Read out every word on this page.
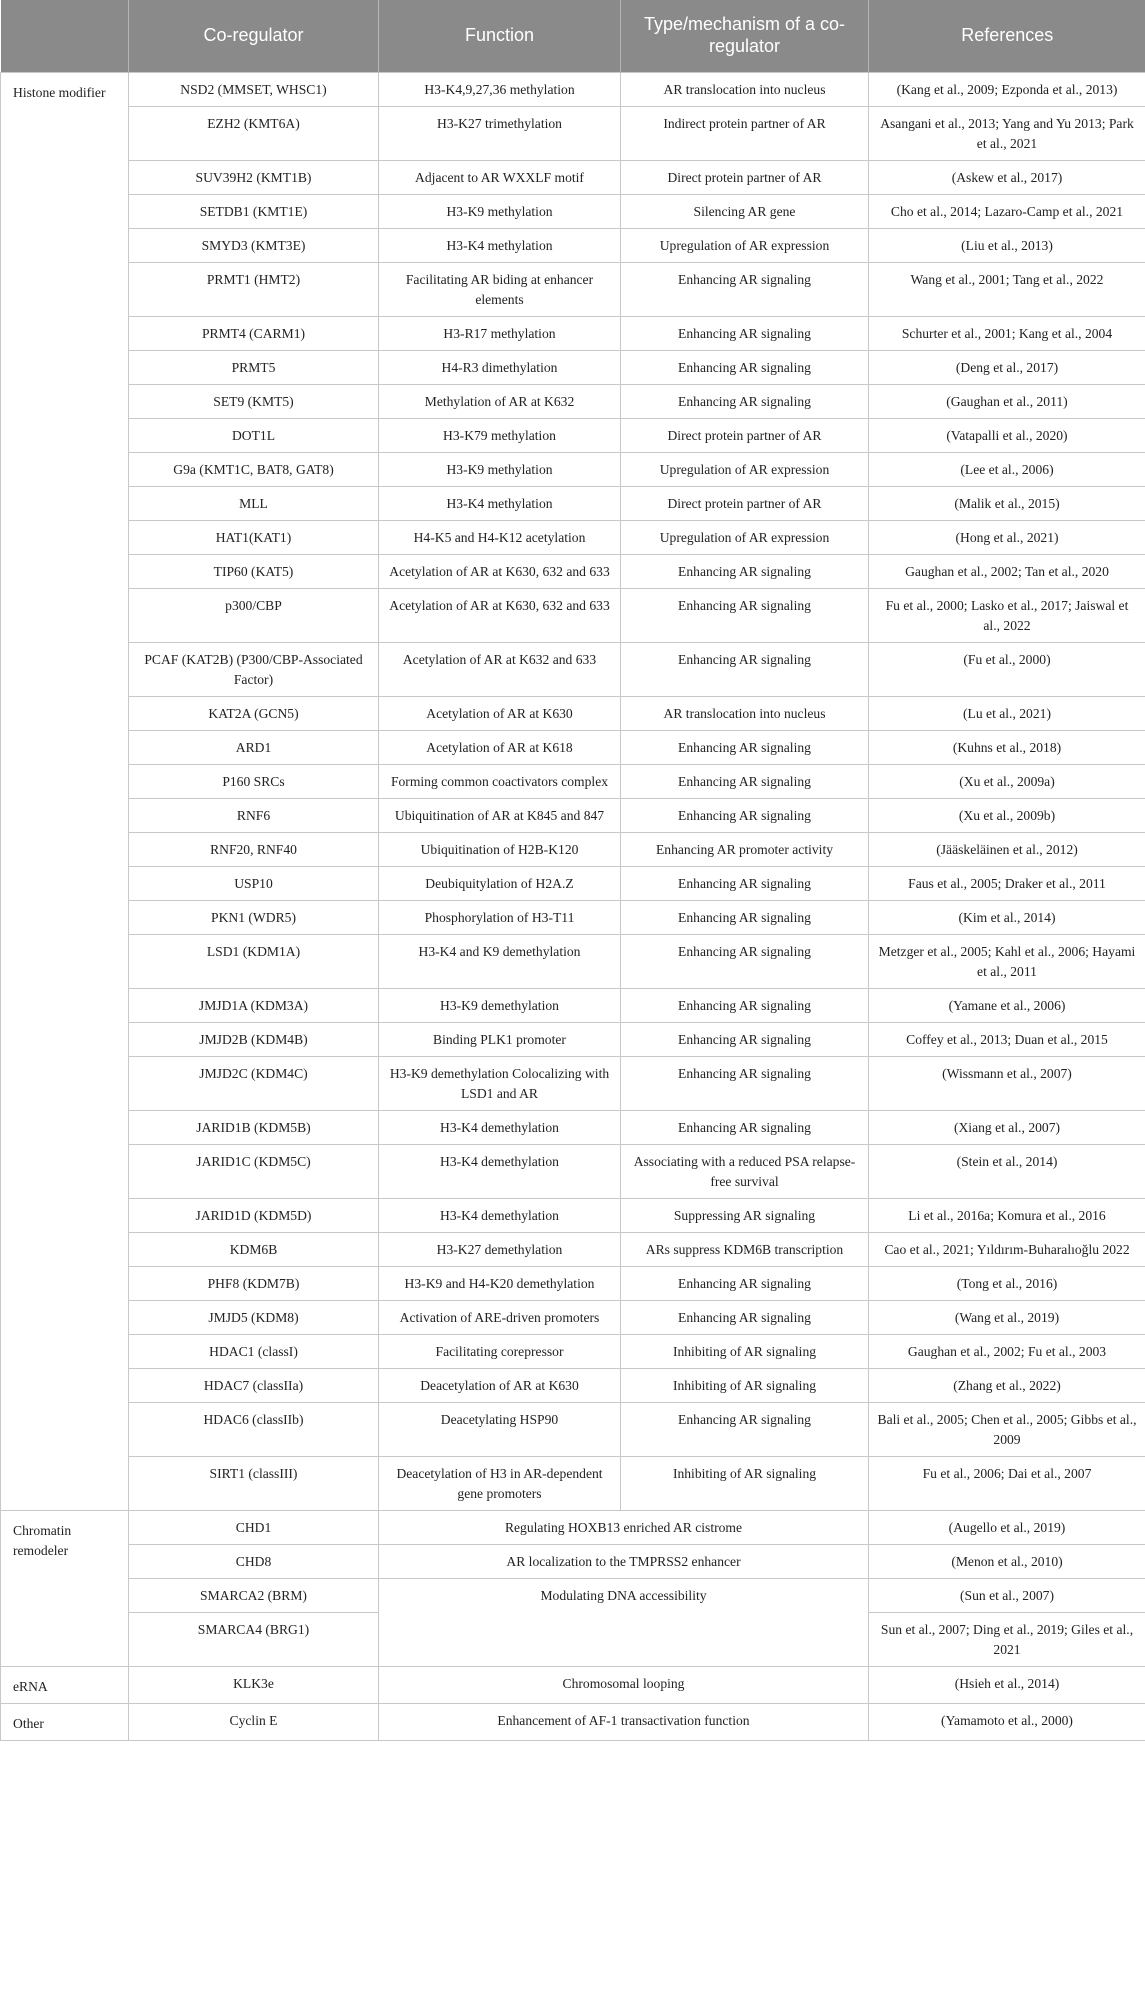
	Co-regulator	Function	Type/mechanism of a co-regulator	References
Histone modifier	NSD2 (MMSET, WHSC1)	H3-K4,9,27,36 methylation	AR translocation into nucleus	(Kang et al., 2009; Ezponda et al., 2013)
	EZH2 (KMT6A)	H3-K27 trimethylation	Indirect protein partner of AR	Asangani et al., 2013; Yang and Yu 2013; Park et al., 2021
	SUV39H2 (KMT1B)	Adjacent to AR WXXLF motif	Direct protein partner of AR	(Askew et al., 2017)
	SETDB1 (KMT1E)	H3-K9 methylation	Silencing AR gene	Cho et al., 2014; Lazaro-Camp et al., 2021
	SMYD3 (KMT3E)	H3-K4 methylation	Upregulation of AR expression	(Liu et al., 2013)
	PRMT1 (HMT2)	Facilitating AR biding at enhancer elements	Enhancing AR signaling	Wang et al., 2001; Tang et al., 2022
	PRMT4 (CARM1)	H3-R17 methylation	Enhancing AR signaling	Schurter et al., 2001; Kang et al., 2004
	PRMT5	H4-R3 dimethylation	Enhancing AR signaling	(Deng et al., 2017)
	SET9 (KMT5)	Methylation of AR at K632	Enhancing AR signaling	(Gaughan et al., 2011)
	DOT1L	H3-K79 methylation	Direct protein partner of AR	(Vatapalli et al., 2020)
	G9a (KMT1C, BAT8, GAT8)	H3-K9 methylation	Upregulation of AR expression	(Lee et al., 2006)
	MLL	H3-K4 methylation	Direct protein partner of AR	(Malik et al., 2015)
	HAT1(KAT1)	H4-K5 and H4-K12 acetylation	Upregulation of AR expression	(Hong et al., 2021)
	TIP60 (KAT5)	Acetylation of AR at K630, 632 and 633	Enhancing AR signaling	Gaughan et al., 2002; Tan et al., 2020
	p300/CBP	Acetylation of AR at K630, 632 and 633	Enhancing AR signaling	Fu et al., 2000; Lasko et al., 2017; Jaiswal et al., 2022
	PCAF (KAT2B) (P300/CBP-Associated Factor)	Acetylation of AR at K632 and 633	Enhancing AR signaling	(Fu et al., 2000)
	KAT2A (GCN5)	Acetylation of AR at K630	AR translocation into nucleus	(Lu et al., 2021)
	ARD1	Acetylation of AR at K618	Enhancing AR signaling	(Kuhns et al., 2018)
	P160 SRCs	Forming common coactivators complex	Enhancing AR signaling	(Xu et al., 2009a)
	RNF6	Ubiquitination of AR at K845 and 847	Enhancing AR signaling	(Xu et al., 2009b)
	RNF20, RNF40	Ubiquitination of H2B-K120	Enhancing AR promoter activity	(Jääskeläinen et al., 2012)
	USP10	Deubiquitylation of H2A.Z	Enhancing AR signaling	Faus et al., 2005; Draker et al., 2011
	PKN1 (WDR5)	Phosphorylation of H3-T11	Enhancing AR signaling	(Kim et al., 2014)
	LSD1 (KDM1A)	H3-K4 and K9 demethylation	Enhancing AR signaling	Metzger et al., 2005; Kahl et al., 2006; Hayami et al., 2011
	JMJD1A (KDM3A)	H3-K9 demethylation	Enhancing AR signaling	(Yamane et al., 2006)
	JMJD2B (KDM4B)	Binding PLK1 promoter	Enhancing AR signaling	Coffey et al., 2013; Duan et al., 2015
	JMJD2C (KDM4C)	H3-K9 demethylation Colocalizing with LSD1 and AR	Enhancing AR signaling	(Wissmann et al., 2007)
	JARID1B (KDM5B)	H3-K4 demethylation	Enhancing AR signaling	(Xiang et al., 2007)
	JARID1C (KDM5C)	H3-K4 demethylation	Associating with a reduced PSA relapse-free survival	(Stein et al., 2014)
	JARID1D (KDM5D)	H3-K4 demethylation	Suppressing AR signaling	Li et al., 2016a; Komura et al., 2016
	KDM6B	H3-K27 demethylation	ARs suppress KDM6B transcription	Cao et al., 2021; Yıldırım-Buharalıoğlu 2022
	PHF8 (KDM7B)	H3-K9 and H4-K20 demethylation	Enhancing AR signaling	(Tong et al., 2016)
	JMJD5 (KDM8)	Activation of ARE-driven promoters	Enhancing AR signaling	(Wang et al., 2019)
	HDAC1 (classI)	Facilitating corepressor	Inhibiting of AR signaling	Gaughan et al., 2002; Fu et al., 2003
	HDAC7 (classIIa)	Deacetylation of AR at K630	Inhibiting of AR signaling	(Zhang et al., 2022)
	HDAC6 (classIIb)	Deacetylating HSP90	Enhancing AR signaling	Bali et al., 2005; Chen et al., 2005; Gibbs et al., 2009
	SIRT1 (classIII)	Deacetylation of H3 in AR-dependent gene promoters	Inhibiting of AR signaling	Fu et al., 2006; Dai et al., 2007
Chromatin remodeler	CHD1	Regulating HOXB13 enriched AR cistrome		(Augello et al., 2019)
	CHD8	AR localization to the TMPRSS2 enhancer		(Menon et al., 2010)
	SMARCA2 (BRM)	Modulating DNA accessibility		(Sun et al., 2007)
	SMARCA4 (BRG1)			Sun et al., 2007; Ding et al., 2019; Giles et al., 2021
eRNA	KLK3e	Chromosomal looping		(Hsieh et al., 2014)
Other	Cyclin E	Enhancement of AF-1 transactivation function		(Yamamoto et al., 2000)
